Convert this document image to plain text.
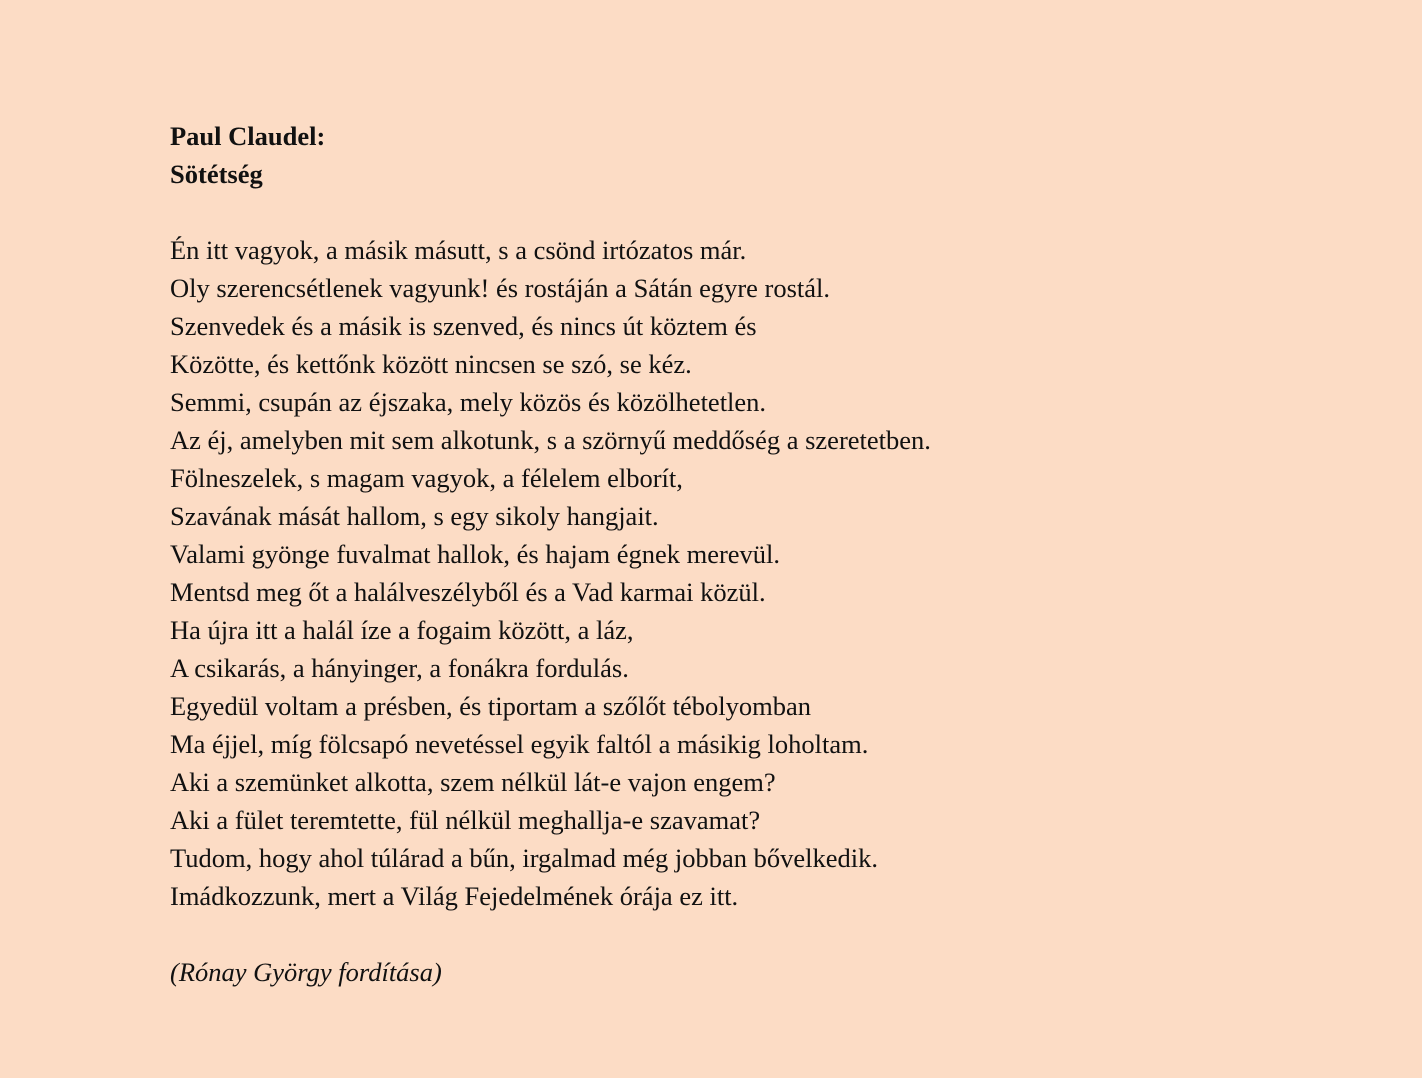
Paul Claudel:
Sötétség
Én itt vagyok, a másik másutt, s a csönd irtózatos már.
Oly szerencsétlenek vagyunk! és rostáján a Sátán egyre rostál.
Szenvedek és a másik is szenved, és nincs út köztem és
Közötte, és kettőnk között nincsen se szó, se kéz.
Semmi, csupán az éjszaka, mely közös és közölhetetlen.
Az éj, amelyben mit sem alkotunk, s a szörnyű meddőség a szeretetben.
Fölneszelek, s magam vagyok, a félelem elborít,
Szavának mását hallom, s egy sikoly hangjait.
Valami gyönge fuvalmat hallok, és hajam égnek merevül.
Mentsd meg őt a halálveszélyből és a Vad karmai közül.
Ha újra itt a halál íze a fogaim között, a láz,
A csikarás, a hányinger, a fonákra fordulás.
Egyedül voltam a présben, és tiportam a szőlőt tébolyomban
Ma éjjel, míg fölcsapó nevetéssel egyik faltól a másikig loholtam.
Aki a szemünket alkotta, szem nélkül lát-e vajon engem?
Aki a fület teremtette, fül nélkül meghallja-e szavamat?
Tudom, hogy ahol túlárad a bűn, irgalmad még jobban bővelkedik.
Imádkozzunk, mert a Világ Fejedelmének órája ez itt.
(Rónay György fordítása)
